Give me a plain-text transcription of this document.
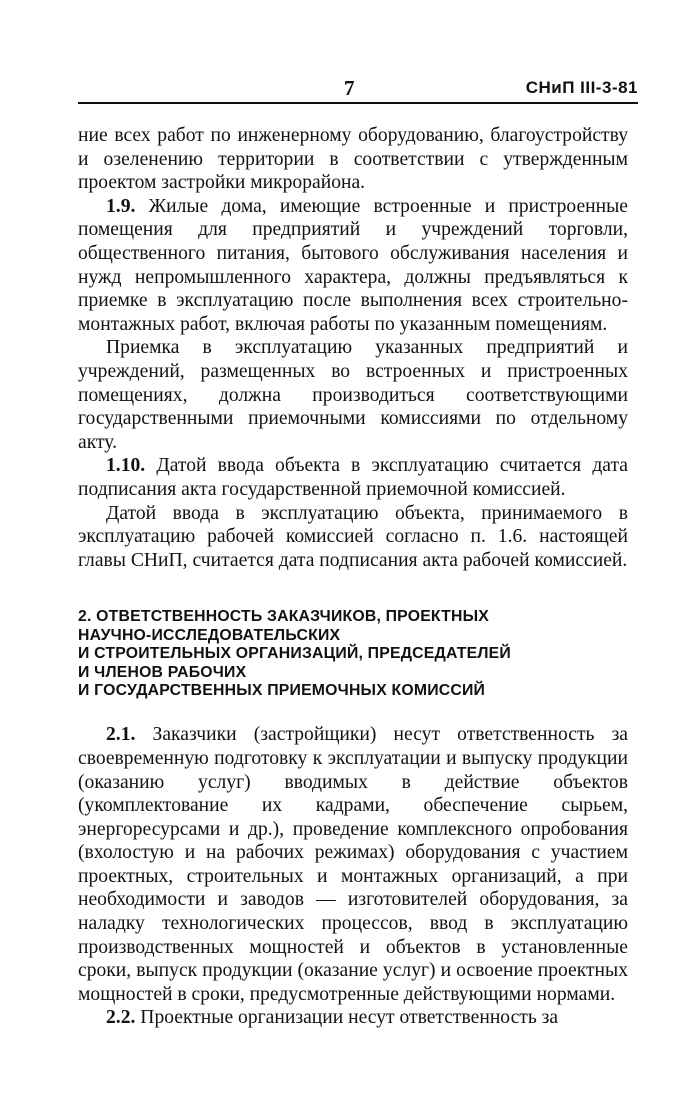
7	СНиП III-3-81

ние всех работ по инженерному оборудованию, благоустройству и озеленению территории в соответствии с утвержденным проектом застройки микрорайона.

1.9. Жилые дома, имеющие встроенные и пристроенные помещения для предприятий и учреждений торговли, общественного питания, бытового обслуживания населения и нужд непромышленного характера, должны предъявляться к приемке в эксплуатацию после выполнения всех строительно-монтажных работ, включая работы по указанным помещениям.

Приемка в эксплуатацию указанных предприятий и учреждений, размещенных во встроенных и пристроенных помещениях, должна производиться соответствующими государственными приемочными комиссиями по отдельному акту.

1.10. Датой ввода объекта в эксплуатацию считается дата подписания акта государственной приемочной комиссией.

Датой ввода в эксплуатацию объекта, принимаемого в эксплуатацию рабочей комиссией согласно п. 1.6. настоящей главы СНиП, считается дата подписания акта рабочей комиссией.

2. ОТВЕТСТВЕННОСТЬ ЗАКАЗЧИКОВ, ПРОЕКТНЫХ
НАУЧНО-ИССЛЕДОВАТЕЛЬСКИХ
И СТРОИТЕЛЬНЫХ ОРГАНИЗАЦИЙ, ПРЕДСЕДАТЕЛЕЙ
И ЧЛЕНОВ РАБОЧИХ
И ГОСУДАРСТВЕННЫХ ПРИЕМОЧНЫХ КОМИССИЙ

2.1. Заказчики (застройщики) несут ответственность за своевременную подготовку к эксплуатации и выпуску продукции (оказанию услуг) вводимых в действие объектов (укомплектование их кадрами, обеспечение сырьем, энергоресурсами и др.), проведение комплексного опробования (вхолостую и на рабочих режимах) оборудования с участием проектных, строительных и монтажных организаций, а при необходимости и заводов — изготовителей оборудования, за наладку технологических процессов, ввод в эксплуатацию производственных мощностей и объектов в установленные сроки, выпуск продукции (оказание услуг) и освоение проектных мощностей в сроки, предусмотренные действующими нормами.

2.2. Проектные организации несут ответственность за
